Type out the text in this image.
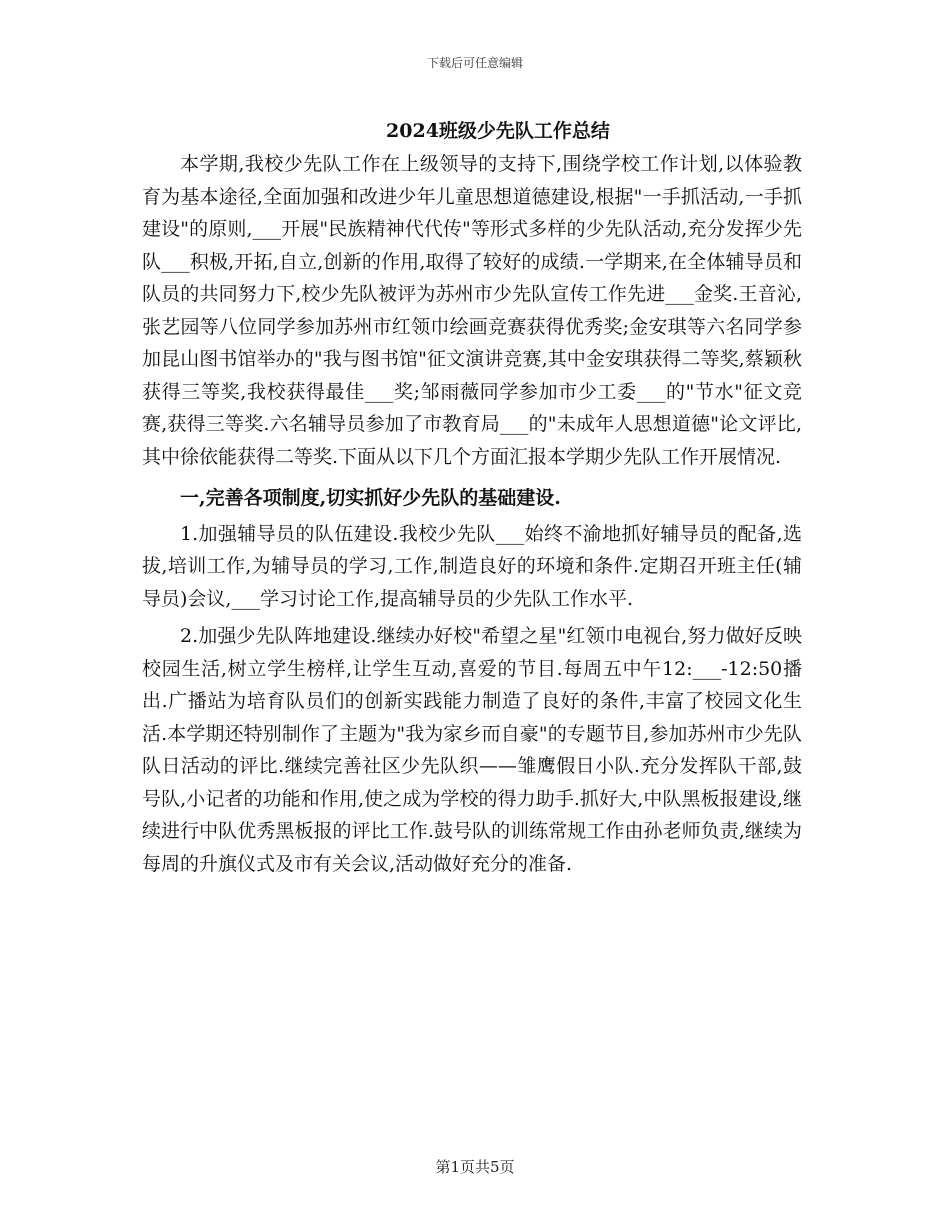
下载后可任意编辑
2024班级少先队工作总结

本学期,我校少先队工作在上级领导的支持下,围绕学校工作计划,以体验教育为基本途径,全面加强和改进少年儿童思想道德建设,根据"一手抓活动,一手抓建设"的原则,___开展"民族精神代代传"等形式多样的少先队活动,充分发挥少先队___积极,开拓,自立,创新的作用,取得了较好的成绩.一学期来,在全体辅导员和队员的共同努力下,校少先队被评为苏州市少先队宣传工作先进___金奖.王音沁,张艺园等八位同学参加苏州市红领巾绘画竞赛获得优秀奖;金安琪等六名同学参加昆山图书馆举办的"我与图书馆"征文演讲竞赛,其中金安琪获得二等奖,蔡颖秋获得三等奖,我校获得最佳___奖;邹雨薇同学参加市少工委___的"节水"征文竞赛,获得三等奖.六名辅导员参加了市教育局___的"未成年人思想道德"论文评比,其中徐依能获得二等奖.下面从以下几个方面汇报本学期少先队工作开展情况.

一,完善各项制度,切实抓好少先队的基础建设.

1.加强辅导员的队伍建设.我校少先队___始终不渝地抓好辅导员的配备,选拔,培训工作,为辅导员的学习,工作,制造良好的环境和条件.定期召开班主任(辅导员)会议,___学习讨论工作,提高辅导员的少先队工作水平.

2.加强少先队阵地建设.继续办好校"希望之星"红领巾电视台,努力做好反映校园生活,树立学生榜样,让学生互动,喜爱的节目.每周五中午12:___-12:50播出.广播站为培育队员们的创新实践能力制造了良好的条件,丰富了校园文化生活.本学期还特别制作了主题为"我为家乡而自豪"的专题节目,参加苏州市少先队队日活动的评比.继续完善社区少先队织——雏鹰假日小队.充分发挥队干部,鼓号队,小记者的功能和作用,使之成为学校的得力助手.抓好大,中队黑板报建设,继续进行中队优秀黑板报的评比工作.鼓号队的训练常规工作由孙老师负责,继续为每周的升旗仪式及市有关会议,活动做好充分的准备.

第1页共5页
